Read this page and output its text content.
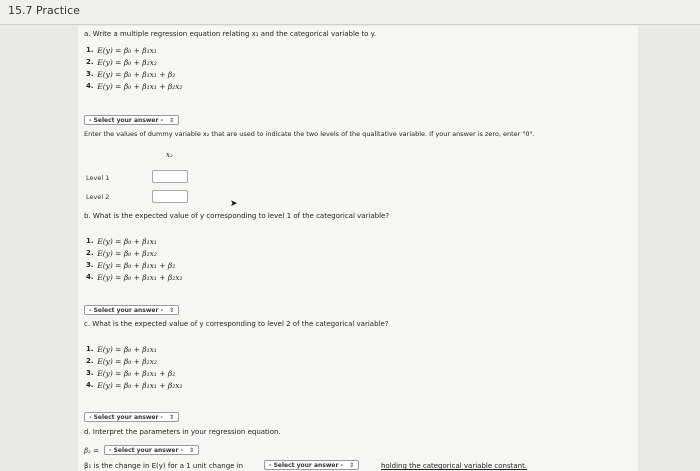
15.7 Practice
a. Write a multiple regression equation relating x₁ and the categorical variable to y.
1.
E(y) = β₀ + β₁x₁
2.
E(y) = β₀ + β₂x₂
3.
E(y) = β₀ + β₁x₁ + β₂
4.
E(y) = β₀ + β₁x₁ + β₂x₂
- Select your answer - ⇕
Enter the values of dummy variable x₂ that are used to indicate the two levels of the qualitative variable. If your answer is zero, enter "0".
x₂
Level 1
Level 2
➤
b. What is the expected value of y corresponding to level 1 of the categorical variable?
1.
E(y) = β₀ + β₁x₁
2.
E(y) = β₀ + β₂x₂
3.
E(y) = β₀ + β₁x₁ + β₂
4.
E(y) = β₀ + β₁x₁ + β₂x₂
- Select your answer - ⇕
c. What is the expected value of y corresponding to level 2 of the categorical variable?
1.
E(y) = β₀ + β₁x₁
2.
E(y) = β₀ + β₂x₂
3.
E(y) = β₀ + β₁x₁ + β₂
4.
E(y) = β₀ + β₁x₁ + β₂x₂
- Select your answer - ⇕
d. Interpret the parameters in your regression equation.
β₂ = - Select your answer - ⇕
β₁ is the change in E(y) for a 1 unit change in	- Select your answer - ⇕	holding the categorical variable constant.
